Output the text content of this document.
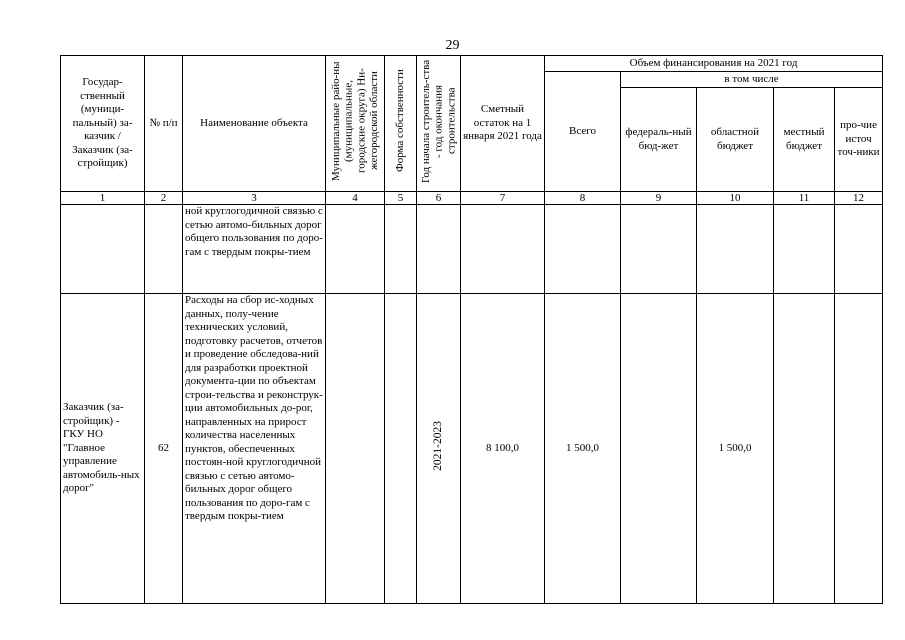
29
Государ-ственный (муници-пальный) за-казчик / Заказчик (за-стройщик)	№ п/п	Наименование объекта	Муниципальные райо-ны (муниципальные, городские округа) Ни-жегородской области	Форма собственности	Год начала строитель-ства - год окончания строительства	Сметный остаток на 1 января 2021 года	Объем финансирования на 2021 год				
							Всего	в том числе			
								федераль-ный бюд-жет	областной бюджет	местный бюджет	про-чие источ точ-ники
1	2	3	4	5	6	7	8	9	10	11	12
		ной круглогодичной связью с сетью автомо-бильных дорог общего пользования по доро-гам с твердым покры-тием									
Заказчик (за-стройщик) - ГКУ НО "Главное управление автомобиль-ных дорог"	62	Расходы на сбор ис-ходных данных, полу-чение технических условий, подготовку расчетов, отчетов и проведение обследова-ний для разработки проектной документа-ции по объектам строи-тельства и реконструк-ции автомобильных до-рог, направленных на прирост количества населенных пунктов, обеспеченных постоян-ной круглогодичной связью с сетью автомо-бильных дорог общего пользования по доро-гам с твердым покры-тием			2021-2023	8 100,0	1 500,0		1 500,0		
